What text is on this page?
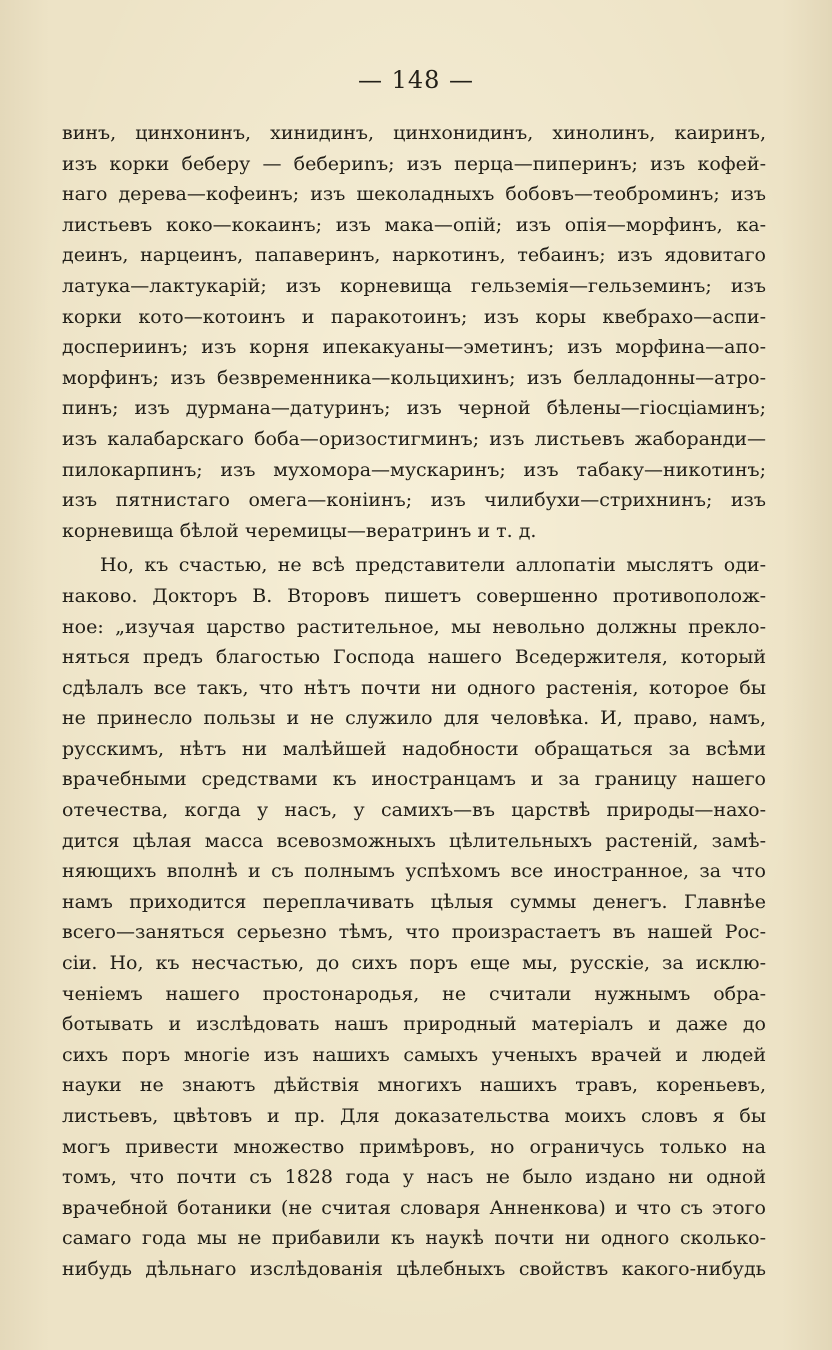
— 148 —
винъ, цинхонинъ, хинидинъ, цинхонидинъ, хинолинъ, каиринъ,
изъ корки беберу — бебериnъ; изъ перца—пиперинъ; изъ кофей-
наго дерева—кофеинъ; изъ шеколадныхъ бобовъ—теоброминъ; изъ
листьевъ коко—кокаинъ; изъ мака—опій; изъ опія—морфинъ, ка-
деинъ, нарцеинъ, папаверинъ, наркотинъ, тебаинъ; изъ ядовитаго
латука—лактукарій; изъ корневища гельземія—гельземинъ; изъ
корки кото—котоинъ и паракотоинъ; изъ коры квебрахо—аспи-
доспериинъ; изъ корня ипекакуаны—эметинъ; изъ морфина—апо-
морфинъ; изъ безвременника—кольцихинъ; изъ белладонны—атро-
пинъ; изъ дурмана—датуринъ; изъ черной бѣлены—гіосціаминъ;
изъ калабарскаго боба—оризостигминъ; изъ листьевъ жабoранди—
пилокарпинъ; изъ мухомора—мускаринъ; изъ табаку—никотинъ;
изъ пятнистаго омега—коніинъ; изъ чилибухи—стрихнинъ; изъ
корневища бѣлой черемицы—вератринъ и т. д.
Но, къ счастью, не всѣ представители аллопатіи мыслятъ оди-
наково. Докторъ В. Второвъ пишетъ совершенно противополож-
ное: „изучая царство растительное, мы невольно должны прекло-
няться предъ благостью Господа нашего Вседержителя, который
сдѣлалъ все такъ, что нѣтъ почти ни одного растенія, которое бы
не принесло пользы и не служило для человѣка. И, право, намъ,
русскимъ, нѣтъ ни малѣйшей надобности обращаться за всѣми
врачебными средствами къ иностранцамъ и за границу нашего
отечества, когда у насъ, у самихъ—въ царствѣ природы—нахо-
дится цѣлая масса всевозможныхъ цѣлительныхъ растеній, замѣ-
няющихъ вполнѣ и съ полнымъ успѣхомъ все иностранное, за что
намъ приходится переплачивать цѣлыя суммы денегъ. Главнѣе
всего—заняться серьезно тѣмъ, что произрастаетъ въ нашей Рос-
сіи. Но, къ несчастью, до сихъ поръ еще мы, русскіе, за исклю-
ченіемъ нашего простонародья, не считали нужнымъ обра-
ботывать и изслѣдовать нашъ природный матеріалъ и даже до
сихъ поръ многіе изъ нашихъ самыхъ ученыхъ врачей и людей
науки не знаютъ дѣйствія многихъ нашихъ травъ, кореньевъ,
листьевъ, цвѣтовъ и пр. Для доказательства моихъ словъ я бы
могъ привести множество примѣровъ, но ограничусь только на
томъ, что почти съ 1828 года у насъ не было издано ни одной
врачебной ботаники (не считая словаря Анненкова) и что съ этого
самаго года мы не прибавили къ наукѣ почти ни одного сколько-
нибудь дѣльнаго изслѣдованія цѣлебныхъ свойствъ какого-нибудь
